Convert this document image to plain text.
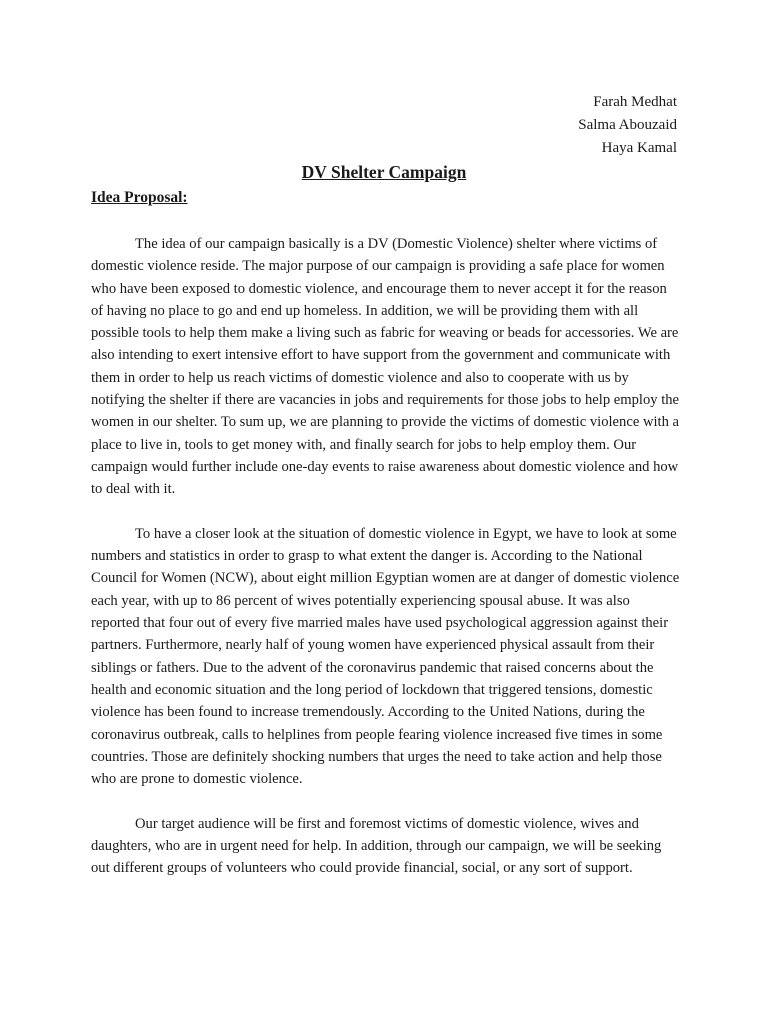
Farah Medhat
Salma Abouzaid
Haya Kamal
DV Shelter Campaign
Idea Proposal:

The idea of our campaign basically is a DV (Domestic Violence) shelter where victims of domestic violence reside. The major purpose of our campaign is providing a safe place for women who have been exposed to domestic violence, and encourage them to never accept it for the reason of having no place to go and end up homeless. In addition, we will be providing them with all possible tools to help them make a living such as fabric for weaving or beads for accessories. We are also intending to exert intensive effort to have support from the government and communicate with them in order to help us reach victims of domestic violence and also to cooperate with us by notifying the shelter if there are vacancies in jobs and requirements for those jobs to help employ the women in our shelter. To sum up, we are planning to provide the victims of domestic violence with a place to live in, tools to get money with, and finally search for jobs to help employ them. Our campaign would further include one-day events to raise awareness about domestic violence and how to deal with it.

To have a closer look at the situation of domestic violence in Egypt, we have to look at some numbers and statistics in order to grasp to what extent the danger is. According to the National Council for Women (NCW), about eight million Egyptian women are at danger of domestic violence each year, with up to 86 percent of wives potentially experiencing spousal abuse. It was also reported that four out of every five married males have used psychological aggression against their partners. Furthermore, nearly half of young women have experienced physical assault from their siblings or fathers. Due to the advent of the coronavirus pandemic that raised concerns about the health and economic situation and the long period of lockdown that triggered tensions, domestic violence has been found to increase tremendously. According to the United Nations, during the coronavirus outbreak, calls to helplines from people fearing violence increased five times in some countries. Those are definitely shocking numbers that urges the need to take action and help those who are prone to domestic violence.

Our target audience will be first and foremost victims of domestic violence, wives and daughters, who are in urgent need for help. In addition, through our campaign, we will be seeking out different groups of volunteers who could provide financial, social, or any sort of support.
